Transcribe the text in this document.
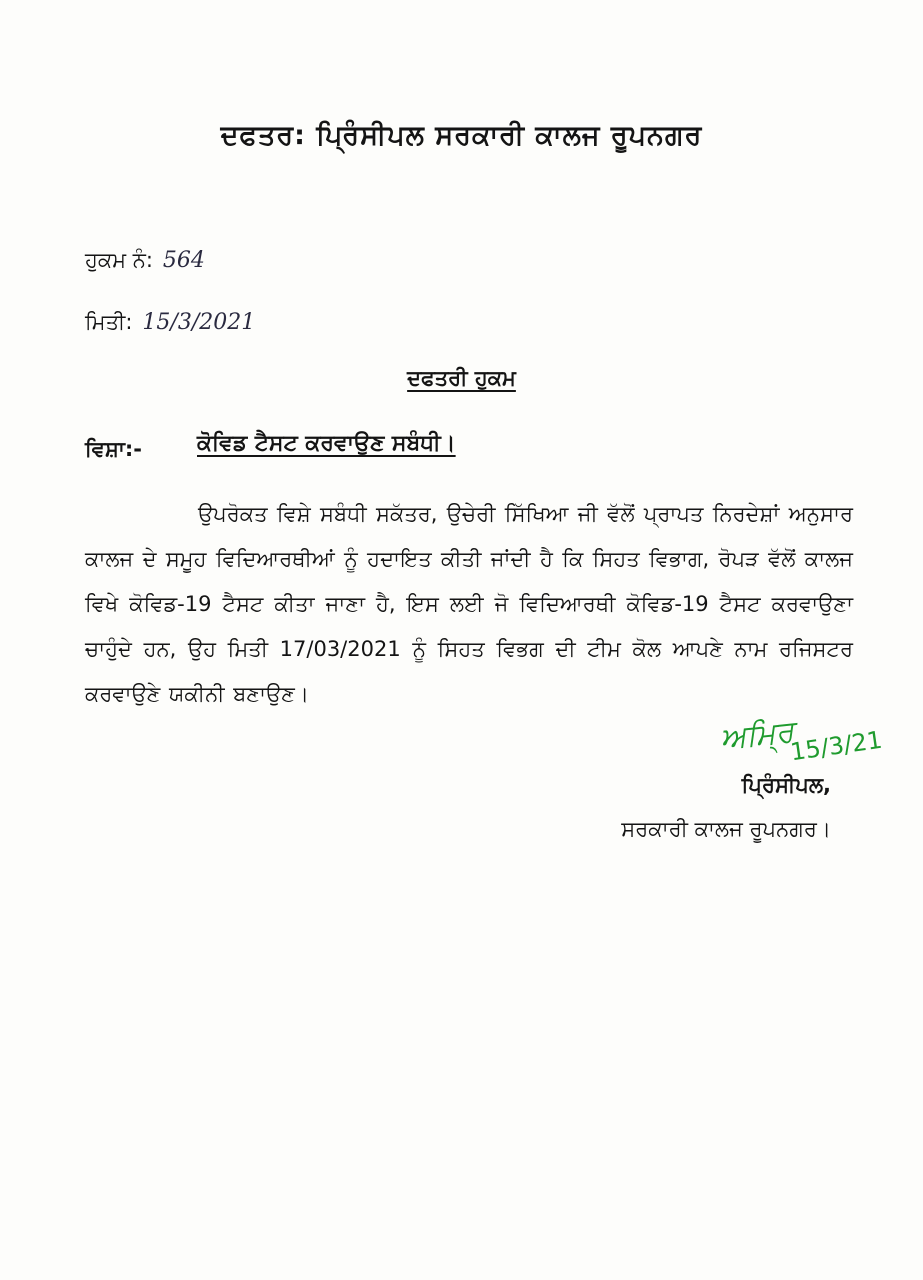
ਦਫਤਰ: ਪ੍ਰਿੰਸੀਪਲ ਸਰਕਾਰੀ ਕਾਲਜ ਰੂਪਨਗਰ
ਹੁਕਮ ਨੰ: 564
ਮਿਤੀ: 15/3/2021
ਦਫਤਰੀ ਹੁਕਮ
ਵਿਸ਼ਾ:- ਕੋਵਿਡ ਟੈਸਟ ਕਰਵਾਉਣ ਸਬੰਧੀ।
ਉਪਰੋਕਤ ਵਿਸ਼ੇ ਸਬੰਧੀ ਸਕੱਤਰ, ਉਚੇਰੀ ਸਿੱਖਿਆ ਜੀ ਵੱਲੋਂ ਪ੍ਰਾਪਤ ਨਿਰਦੇਸ਼ਾਂ ਅਨੁਸਾਰ ਕਾਲਜ ਦੇ ਸਮੂਹ ਵਿਦਿਆਰਥੀਆਂ ਨੂੰ ਹਦਾਇਤ ਕੀਤੀ ਜਾਂਦੀ ਹੈ ਕਿ ਸਿਹਤ ਵਿਭਾਗ, ਰੋਪੜ ਵੱਲੋਂ ਕਾਲਜ ਵਿਖੇ ਕੋਵਿਡ-19 ਟੈਸਟ ਕੀਤਾ ਜਾਣਾ ਹੈ, ਇਸ ਲਈ ਜੋ ਵਿਦਿਆਰਥੀ ਕੋਵਿਡ-19 ਟੈਸਟ ਕਰਵਾਉਣਾ ਚਾਹੁੰਦੇ ਹਨ, ਉਹ ਮਿਤੀ 17/03/2021 ਨੂੰ ਸਿਹਤ ਵਿਭਗ ਦੀ ਟੀਮ ਕੋਲ ਆਪਣੇ ਨਾਮ ਰਜਿਸਟਰ ਕਰਵਾਉਣੇ ਯਕੀਨੀ ਬਣਾਉਣ।
ਅਮ੍ਰਿ
15/3/21
ਪ੍ਰਿੰਸੀਪਲ,
ਸਰਕਾਰੀ ਕਾਲਜ ਰੂਪਨਗਰ।
